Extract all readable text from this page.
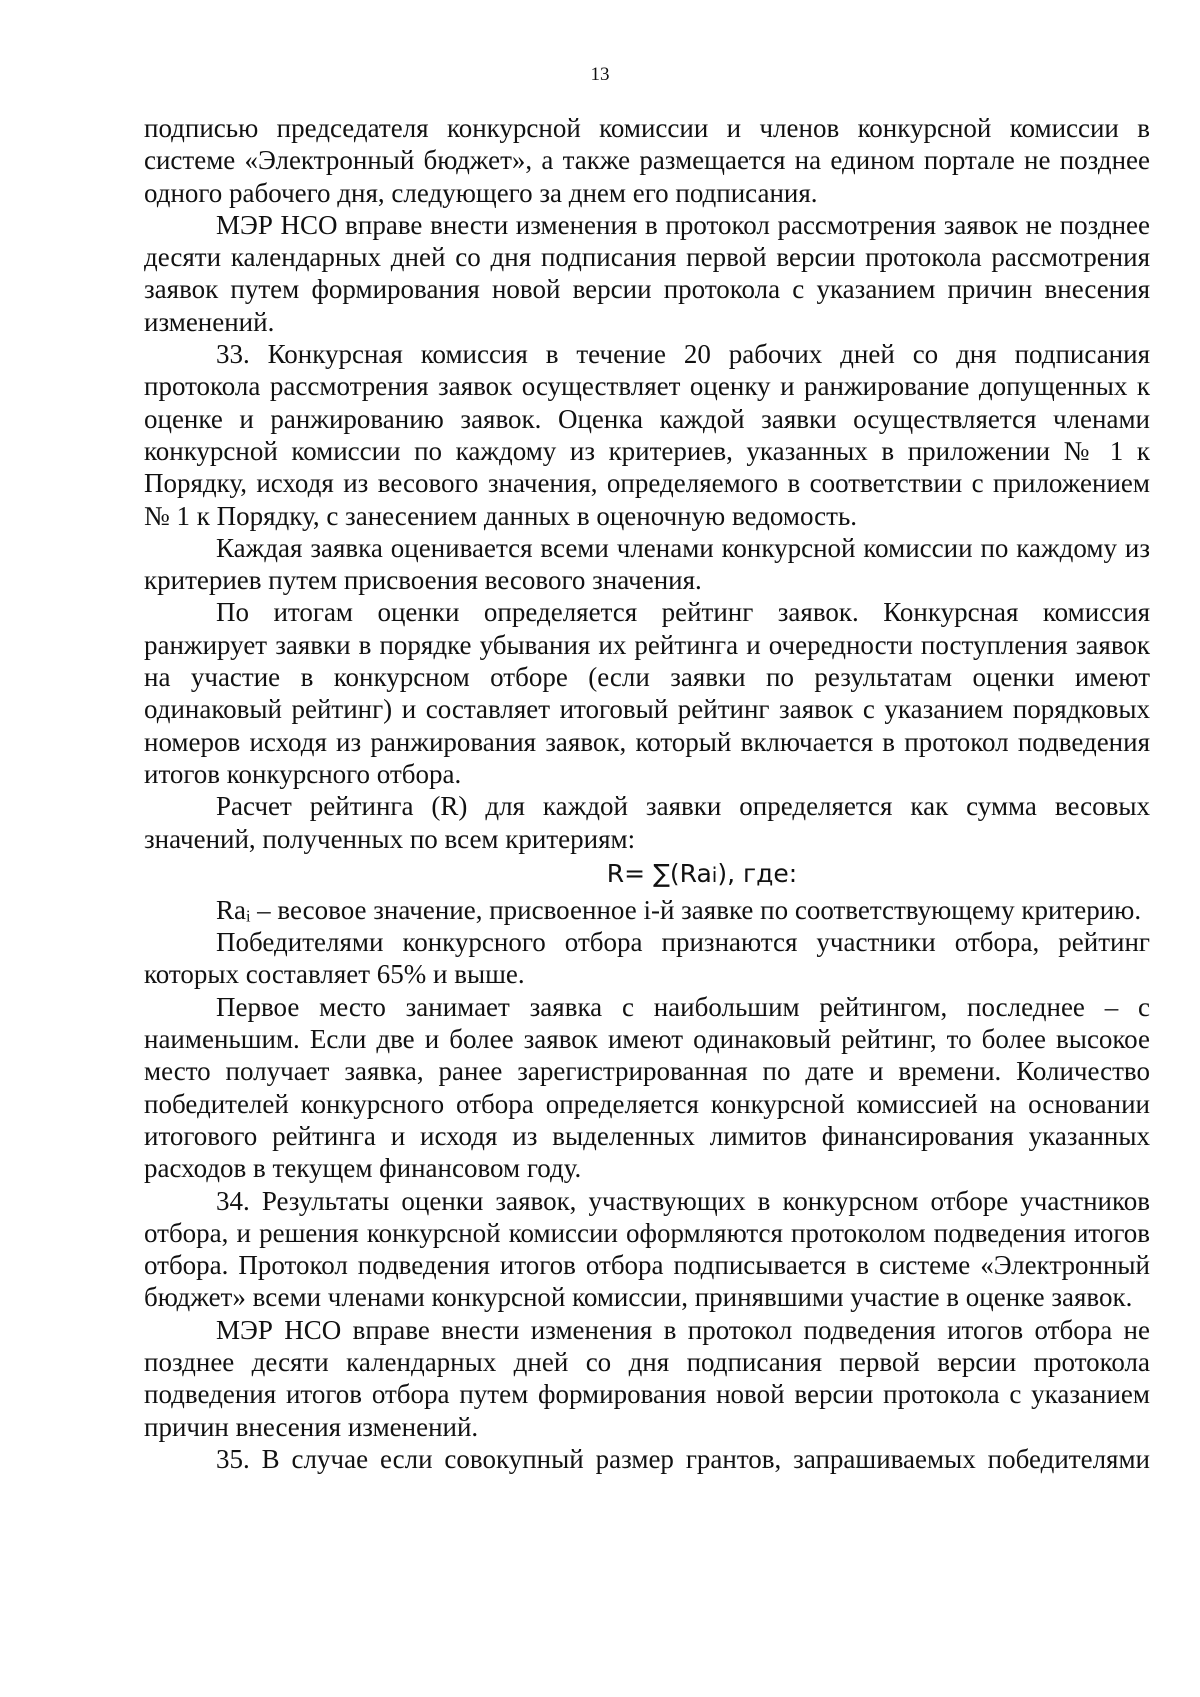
13

подписью председателя конкурсной комиссии и членов конкурсной комиссии в системе «Электронный бюджет», а также размещается на едином портале не позднее одного рабочего дня, следующего за днем его подписания.

МЭР НСО вправе внести изменения в протокол рассмотрения заявок не позднее десяти календарных дней со дня подписания первой версии протокола рассмотрения заявок путем формирования новой версии протокола с указанием причин внесения изменений.

33. Конкурсная комиссия в течение 20 рабочих дней со дня подписания протокола рассмотрения заявок осуществляет оценку и ранжирование допущенных к оценке и ранжированию заявок. Оценка каждой заявки осуществляется членами конкурсной комиссии по каждому из критериев, указанных в приложении № 1 к Порядку, исходя из весового значения, определяемого в соответствии с приложением № 1 к Порядку, с занесением данных в оценочную ведомость.

Каждая заявка оценивается всеми членами конкурсной комиссии по каждому из критериев путем присвоения весового значения.

По итогам оценки определяется рейтинг заявок. Конкурсная комиссия ранжирует заявки в порядке убывания их рейтинга и очередности поступления заявок на участие в конкурсном отборе (если заявки по результатам оценки имеют одинаковый рейтинг) и составляет итоговый рейтинг заявок с указанием порядковых номеров исходя из ранжирования заявок, который включается в протокол подведения итогов конкурсного отбора.

Расчет рейтинга (R) для каждой заявки определяется как сумма весовых значений, полученных по всем критериям:

R= ∑(Rai), где:

Raᵢ – весовое значение, присвоенное i-й заявке по соответствующему критерию.

Победителями конкурсного отбора признаются участники отбора, рейтинг которых составляет 65% и выше.

Первое место занимает заявка с наибольшим рейтингом, последнее – с наименьшим. Если две и более заявок имеют одинаковый рейтинг, то более высокое место получает заявка, ранее зарегистрированная по дате и времени. Количество победителей конкурсного отбора определяется конкурсной комиссией на основании итогового рейтинга и исходя из выделенных лимитов финансирования указанных расходов в текущем финансовом году.

34. Результаты оценки заявок, участвующих в конкурсном отборе участников отбора, и решения конкурсной комиссии оформляются протоколом подведения итогов отбора. Протокол подведения итогов отбора подписывается в системе «Электронный бюджет» всеми членами конкурсной комиссии, принявшими участие в оценке заявок.

МЭР НСО вправе внести изменения в протокол подведения итогов отбора не позднее десяти календарных дней со дня подписания первой версии протокола подведения итогов отбора путем формирования новой версии протокола с указанием причин внесения изменений.

35. В случае если совокупный размер грантов, запрашиваемых победителями
